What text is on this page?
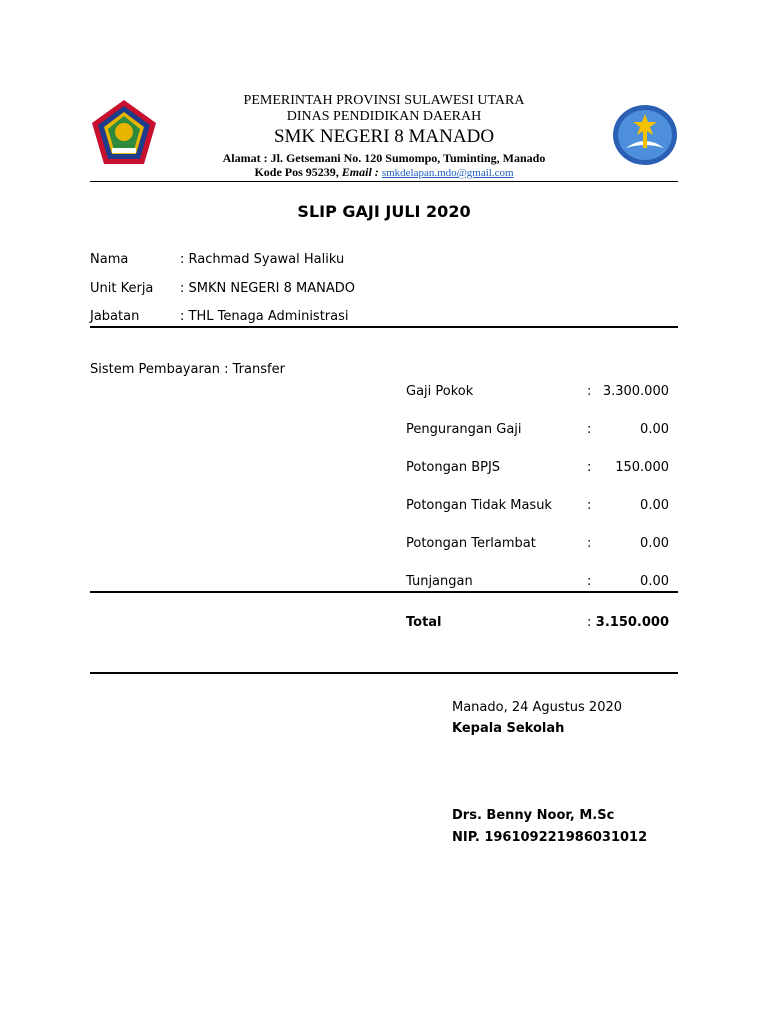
PEMERINTAH PROVINSI SULAWESI UTARA
DINAS PENDIDIKAN DAERAH
SMK NEGERI 8 MANADO
Alamat : Jl. Getsemani No. 120 Sumompo, Tuminting, Manado
Kode Pos 95239, Email : smkdelapan.mdo@gmail.com
SLIP GAJI JULI 2020
Nama	: Rachmad Syawal Haliku
Unit Kerja : SMKN NEGERI 8 MANADO
Jabatan	: THL Tenaga Administrasi
Sistem Pembayaran : Transfer
Gaji Pokok	: 3.300.000
Pengurangan Gaji	:	0.00
Potongan BPJS	: 150.000
Potongan Tidak Masuk	:	0.00
Potongan Terlambat	:	0.00
Tunjangan	:	0.00
Total	: 3.150.000
Manado, 24 Agustus 2020
Kepala Sekolah
Drs. Benny Noor, M.Sc
NIP. 196109221986031012
